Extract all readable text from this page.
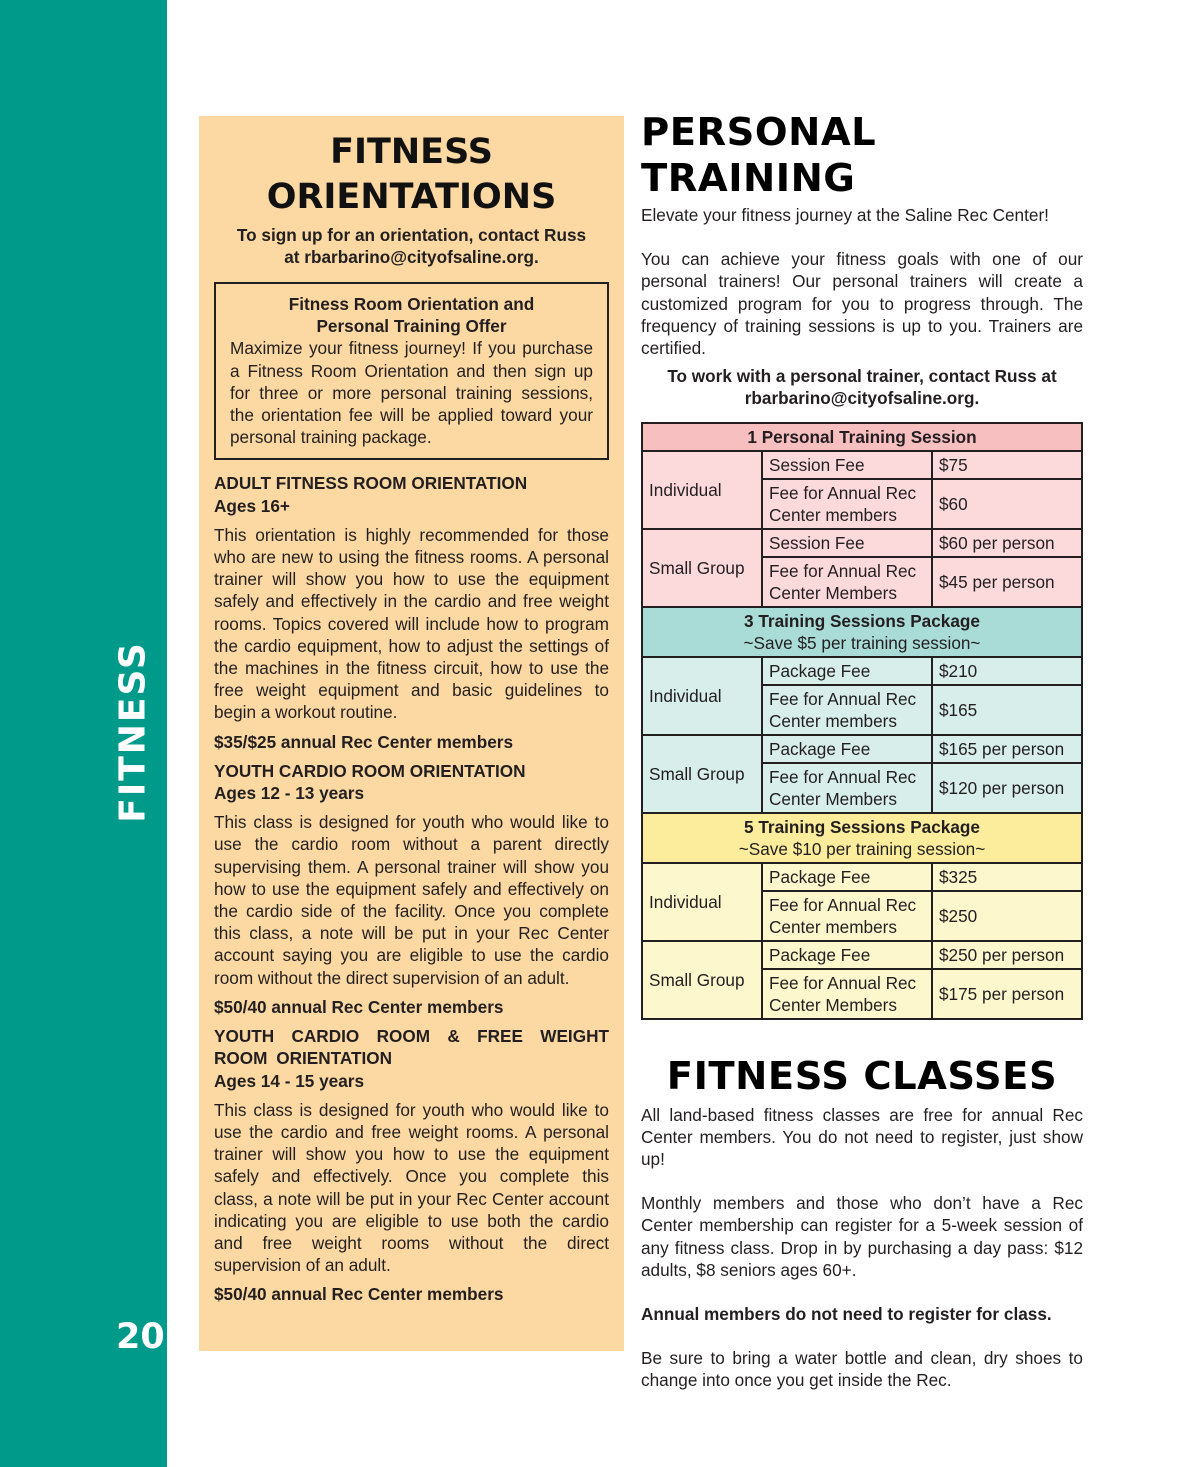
FITNESS
20
FITNESS
ORIENTATIONS
To sign up for an orientation, contact Russ
at rbarbarino@cityofsaline.org.
Fitness Room Orientation and
Personal Training Offer

Maximize your fitness journey! If you purchase a Fitness Room Orientation and then sign up for three or more personal training sessions, the orientation fee will be applied toward your personal training package.

ADULT FITNESS ROOM ORIENTATION
Ages 16+

This orientation is highly recommended for those who are new to using the fitness rooms. A personal trainer will show you how to use the equipment safely and effectively in the cardio and free weight rooms. Topics covered will include how to program the cardio equipment, how to adjust the settings of the machines in the fitness circuit, how to use the free weight equipment and basic guidelines to begin a workout routine.

$35/$25 annual Rec Center members

YOUTH CARDIO ROOM ORIENTATION
Ages 12 - 13 years

This class is designed for youth who would like to use the cardio room without a parent directly supervising them. A personal trainer will show you how to use the equipment safely and effectively on the cardio side of the facility. Once you complete this class, a note will be put in your Rec Center account saying you are eligible to use the cardio room without the direct supervision of an adult.

$50/40 annual Rec Center members

YOUTH CARDIO ROOM & FREE WEIGHT ROOM ORIENTATION
Ages 14 - 15 years

This class is designed for youth who would like to use the cardio and free weight rooms. A personal trainer will show you how to use the equipment safely and effectively. Once you complete this class, a note will be put in your Rec Center account indicating you are eligible to use both the cardio and free weight rooms without the direct supervision of an adult.

$50/40 annual Rec Center members

PERSONAL TRAINING

Elevate your fitness journey at the Saline Rec Center!

You can achieve your fitness goals with one of our personal trainers! Our personal trainers will create a customized program for you to progress through. The frequency of training sessions is up to you. Trainers are certified.

To work with a personal trainer, contact Russ at
rbarbarino@cityofsaline.org.
1 Personal Training Session		

Individual	Session Fee	$75
	Fee for Annual Rec Center members	$60
Small Group	Session Fee	$60 per person
	Fee for Annual Rec Center Members	$45 per person

3 Training Sessions Package
~Save $5 per training session~		

Individual	Package Fee	$210
	Fee for Annual Rec Center members	$165
Small Group	Package Fee	$165 per person
	Fee for Annual Rec Center Members	$120 per person

5 Training Sessions Package
~Save $10 per training session~		

Individual	Package Fee	$325
	Fee for Annual Rec Center members	$250
Small Group	Package Fee	$250 per person
	Fee for Annual Rec Center Members	$175 per person
FITNESS CLASSES

All land-based fitness classes are free for annual Rec Center members. You do not need to register, just show up!

Monthly members and those who don’t have a Rec Center membership can register for a 5-week session of any fitness class. Drop in by purchasing a day pass: $12 adults, $8 seniors ages 60+.

Annual members do not need to register for class.

Be sure to bring a water bottle and clean, dry shoes to change into once you get inside the Rec.
